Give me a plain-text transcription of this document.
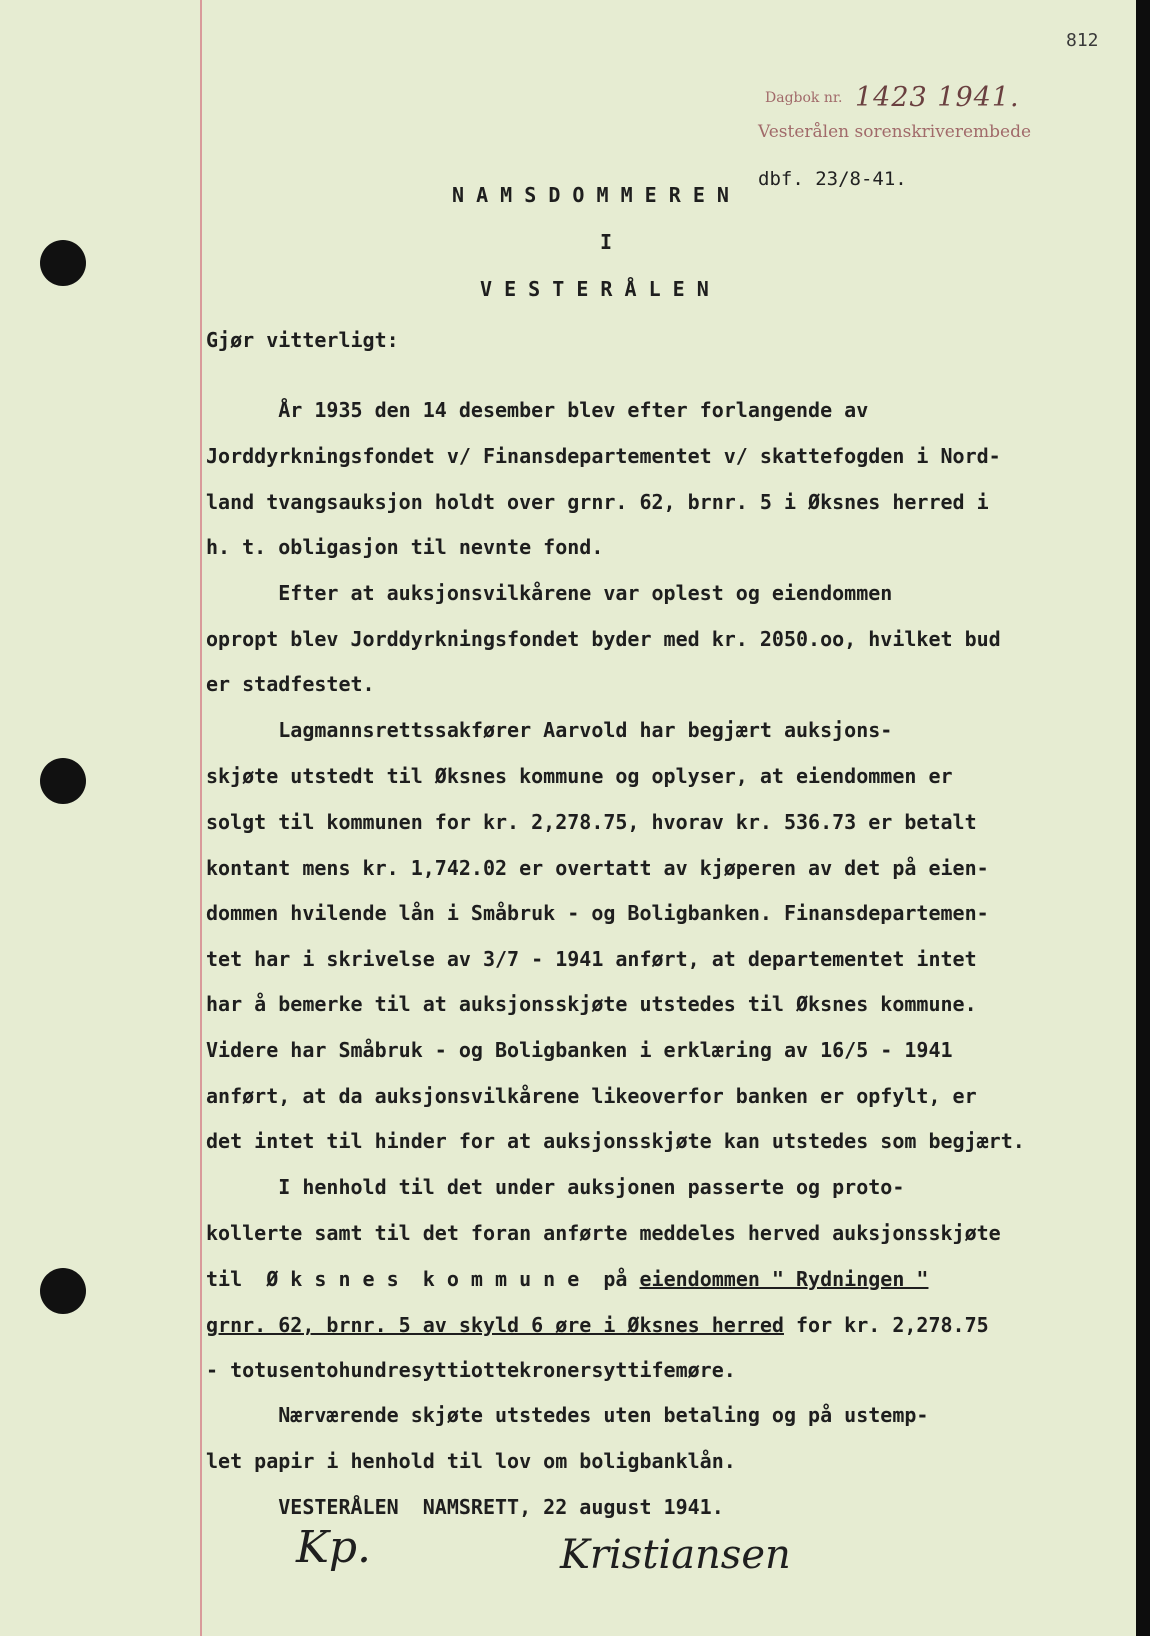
812
Dagbok nr. 1423 1941.
Vesterålen sorenskriverembede
dbf. 23/8-41.
N A M S D O M M E R E N
I
V E S T E R Å L E N
Gjør vitterligt:
År 1935 den 14 desember blev efter forlangende av
Jorddyrkningsfondet v/ Finansdepartementet v/ skattefogden i Nord-
land tvangsauksjon holdt over grnr. 62, brnr. 5 i Øksnes herred i
h. t. obligasjon til nevnte fond.
Efter at auksjonsvilkårene var oplest og eiendommen
opropt blev Jorddyrkningsfondet byder med kr. 2050.oo, hvilket bud
er stadfestet.
Lagmannsrettssakfører Aarvold har begjært auksjons-
skjøte utstedt til Øksnes kommune og oplyser, at eiendommen er
solgt til kommunen for kr. 2,278.75, hvorav kr. 536.73 er betalt
kontant mens kr. 1,742.02 er overtatt av kjøperen av det på eien-
dommen hvilende lån i Småbruk - og Boligbanken. Finansdepartemen-
tet har i skrivelse av 3/7 - 1941 anført, at departementet intet
har å bemerke til at auksjonsskjøte utstedes til Øksnes kommune.
Videre har Småbruk - og Boligbanken i erklæring av 16/5 - 1941
anført, at da auksjonsvilkårene likeoverfor banken er opfylt, er
det intet til hinder for at auksjonsskjøte kan utstedes som begjært.
I henhold til det under auksjonen passerte og proto-
kollerte samt til det foran anførte meddeles herved auksjonsskjøte
til  Ø k s n e s  k o m m u n e  på eiendommen " Rydningen "
grnr. 62, brnr. 5 av skyld 6 øre i Øksnes herred for kr. 2,278.75
- totusentohundresyttiottekronersyttifemøre.
Nærværende skjøte utstedes uten betaling og på ustemp-
let papir i henhold til lov om boligbanklån.
VESTERÅLEN  NAMSRETT, 22 august 1941.
Kp.	Kristiansen
